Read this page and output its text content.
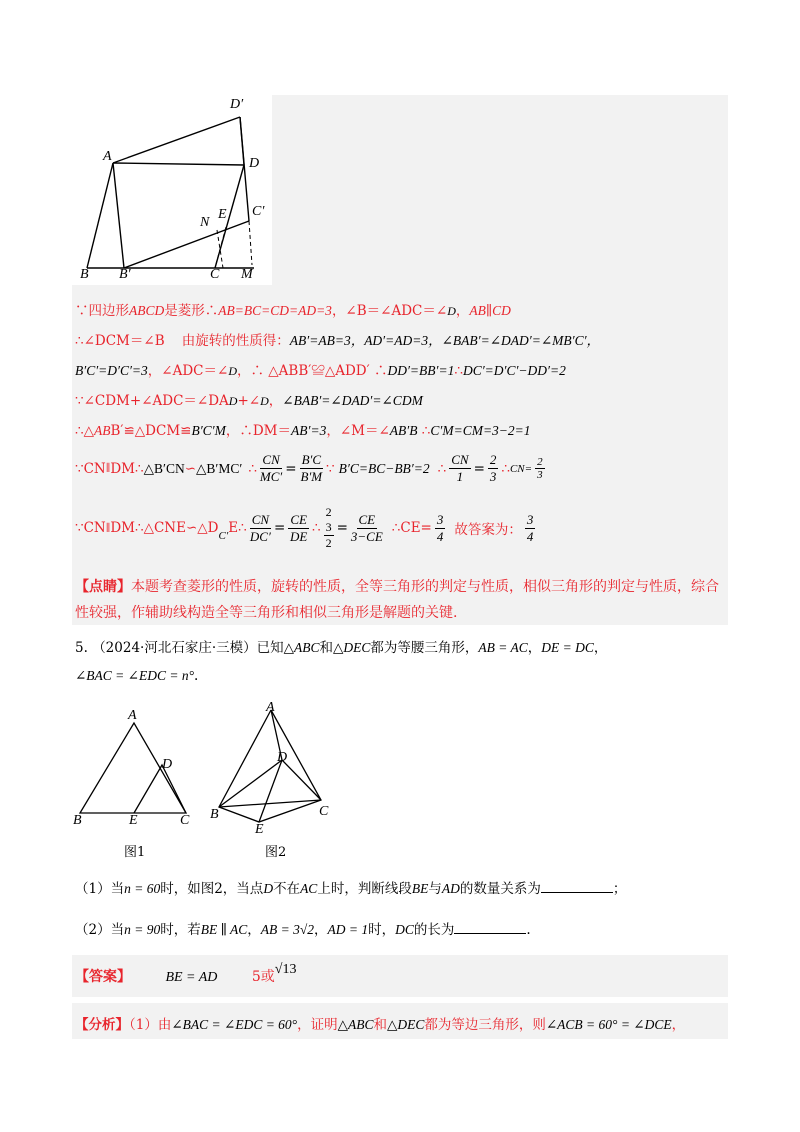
D′
A	D
N
E C′
B B′	C M
∵四边形ABCD是菱形∴AB=BC=CD=AD=3，∠B＝∠ADC＝∠D，AB∥CD
∴∠DCM＝∠B 由旋转的性质得：AB′=AB=3，AD′=AD=3，∠BAB′=∠DAD′=∠MB′C′，
B′C′=D′C′=3，∠ADC＝∠D，∴ △ABB′≌△ADD′ ∴DD′=BB′=1∴DC′=D′C′−DD′=2
∵∠CDM+∠ADC＝∠DAD+∠D，∠BAB′=∠DAD′=∠CDM
∴△ABB′≌△DCM≌B′C′M，∴DM＝AB′=3，∠M＝∠AB′B ∴C′M=CM=3−2=1
∵CN ∥ DM∴ △B′CN ∽ △B′MC′ ∴ $\frac{CN}{MC'} = \frac{B'C}{B'M}$ ∵ B′C=BC−BB′=2 ∴ $\frac{CN}{1} = \frac{2}{3}$ ∴ $CN= \frac{2}{3}$
∵CN ∥ DM∴△CNE∽△D C′ E∴ $\frac{CN}{DC'} = \frac{CE}{DE}$ ∴
2
3
2
= $\frac{CE}{3-CE}$ ∴CE= $\frac{3}{4}$ 故答案为： $\frac{3}{4}$
【点睛】本题考查菱形的性质，旋转的性质，全等三角形的判定与性质，相似三角形的判定与性质，综合
性较强，作辅助线构造全等三角形和相似三角形是解题的关键.
5. （2024·河北石家庄·三模）已知△ABC和△DEC都为等腰三角形，AB = AC，DE = DC，
∠BAC = ∠EDC = n°.
A
D
B	E	C
图1
A
D
B
E
C
图2
（1）当n = 60时，如图2，当点D不在AC上时，判断线段BE与AD的数量关系为	；
（2）当n = 90时，若BE ∥ AC，AB = 3√2，AD = 1时，DC的长为	.
【答案】 BE = AD 5或√13
【分析】（1）由∠BAC = ∠EDC = 60°，证明△ABC和△DEC都为等边三角形，则∠ACB = 60° = ∠DCE，
